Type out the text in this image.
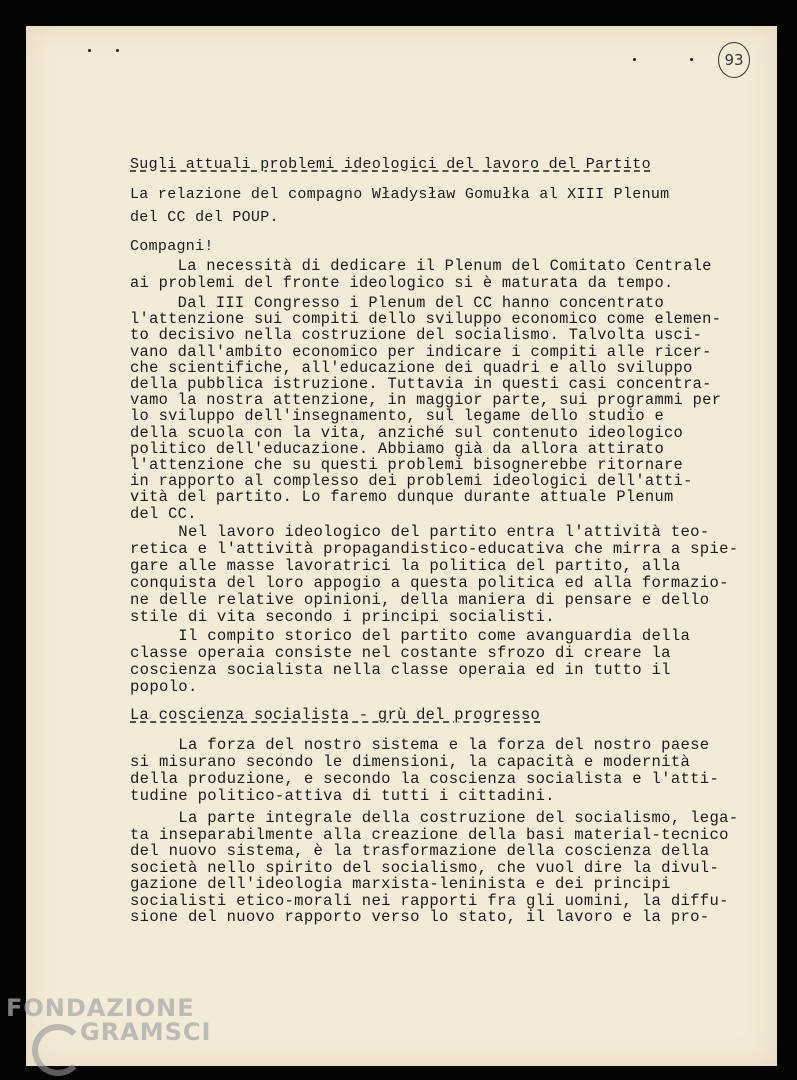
93
Sugli attuali problemi ideologici del lavoro del Partito
La relazione del compagno Władysław Gomułka al XIII Plenum
del CC del POUP.
Compagni!
La necessità di dedicare il Plenum del Comitato Centrale
ai problemi del fronte ideologico si è maturata da tempo.
Dal III Congresso i Plenum del CC hanno concentrato
l'attenzione sui compiti dello sviluppo economico come elemen-
to decisivo nella costruzione del socialismo. Talvolta usci-
vano dall'ambito economico per indicare i compiti alle ricer-
che scientifiche, all'educazione dei quadri e allo sviluppo
della pubblica istruzione. Tuttavia in questi casi concentra-
vamo la nostra attenzione, in maggior parte, sui programmi per
lo sviluppo dell'insegnamento, sul legame dello studio e
della scuola con la vita, anziché sul contenuto ideologico
politico dell'educazione. Abbiamo già da allora attirato
l'attenzione che su questi problemi bisognerebbe ritornare
in rapporto al complesso dei problemi ideologici dell'atti-
vità del partito. Lo faremo dunque durante attuale Plenum
del CC.
Nel lavoro ideologico del partito entra l'attività teo-
retica e l'attività propagandistico-educativa che mirra a spie-
gare alle masse lavoratrici la politica del partito, alla
conquista del loro appogio a questa politica ed alla formazio-
ne delle relative opinioni, della maniera di pensare e dello
stile di vita secondo i principi socialisti.
Il compito storico del partito come avanguardia della
classe operaia consiste nel costante sfrozo di creare la
coscienza socialista nella classe operaia ed in tutto il
popolo.
La coscienza socialista - grù del progresso
La forza del nostro sistema e la forza del nostro paese
si misurano secondo le dimensioni, la capacità e modernità
della produzione, e secondo la coscienza socialista e l'atti-
tudine politico-attiva di tutti i cittadini.
La parte integrale della costruzione del socialismo, lega-
ta inseparabilmente alla creazione della basi material-tecnico
del nuovo sistema, è la trasformazione della coscienza della
società nello spirito del socialismo, che vuol dire la divul-
gazione dell'ideologia marxista-leninista e dei principi
socialisti etico-morali nei rapporti fra gli uomini, la diffu-
sione del nuovo rapporto verso lo stato, il lavoro e la pro-
FONDAZIONE
GRAMSCI
